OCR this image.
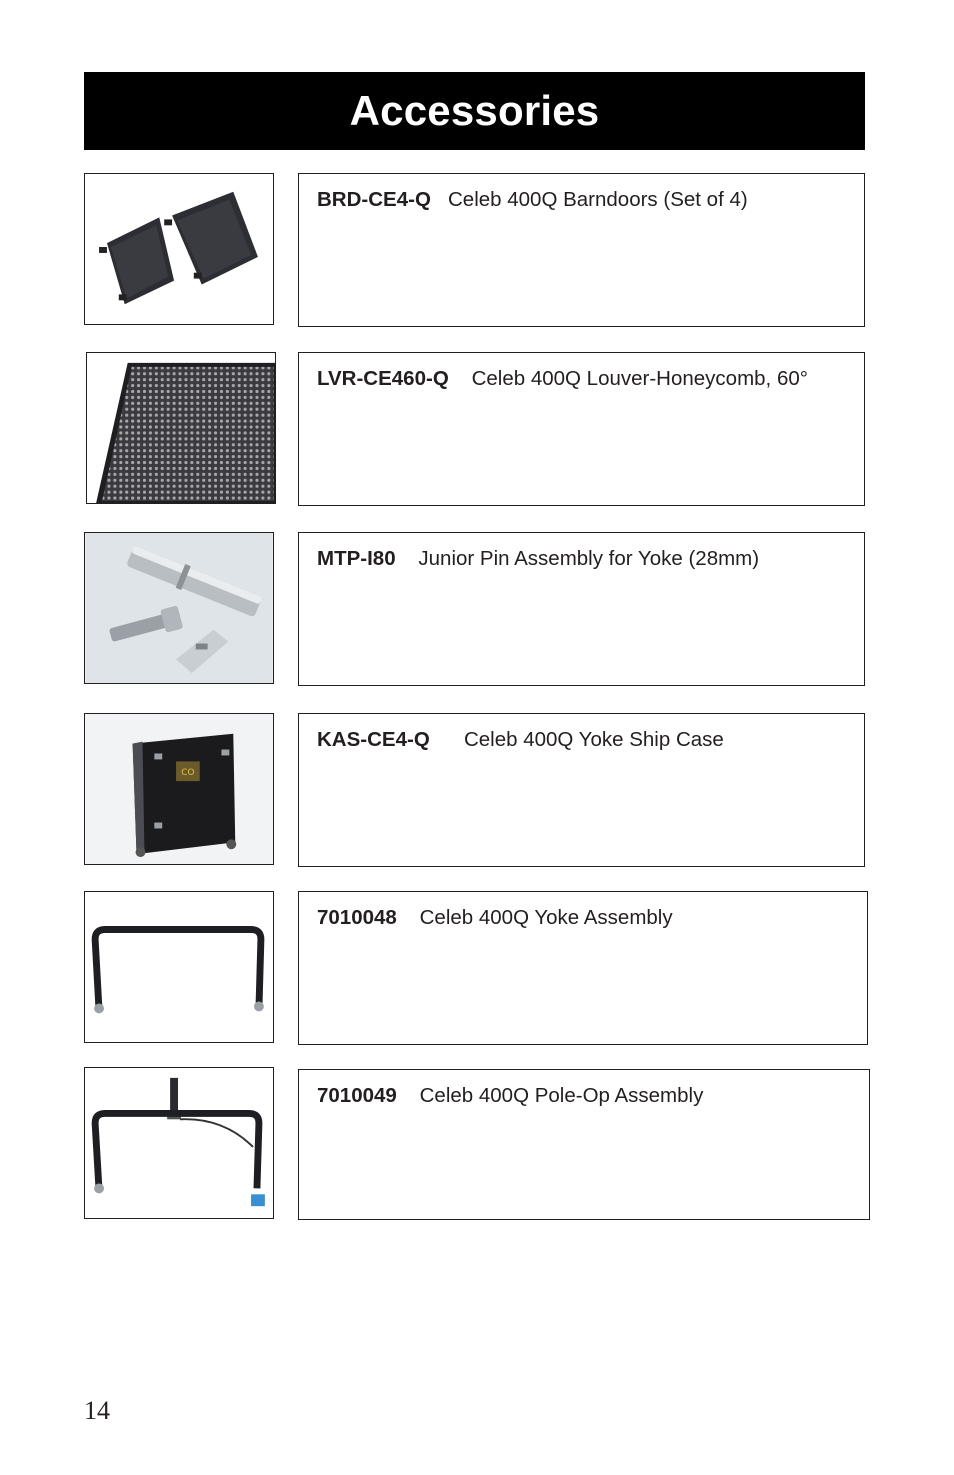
Accessories
BRD-CE4-Q Celeb 400Q Barndoors (Set of 4)
LVR-CE460-Q Celeb 400Q Louver-Honeycomb, 60°
MTP-I80 Junior Pin Assembly for Yoke (28mm)
CO
KAS-CE4-Q Celeb 400Q Yoke Ship Case
7010048 Celeb 400Q Yoke Assembly
7010049 Celeb 400Q Pole-Op Assembly
14
